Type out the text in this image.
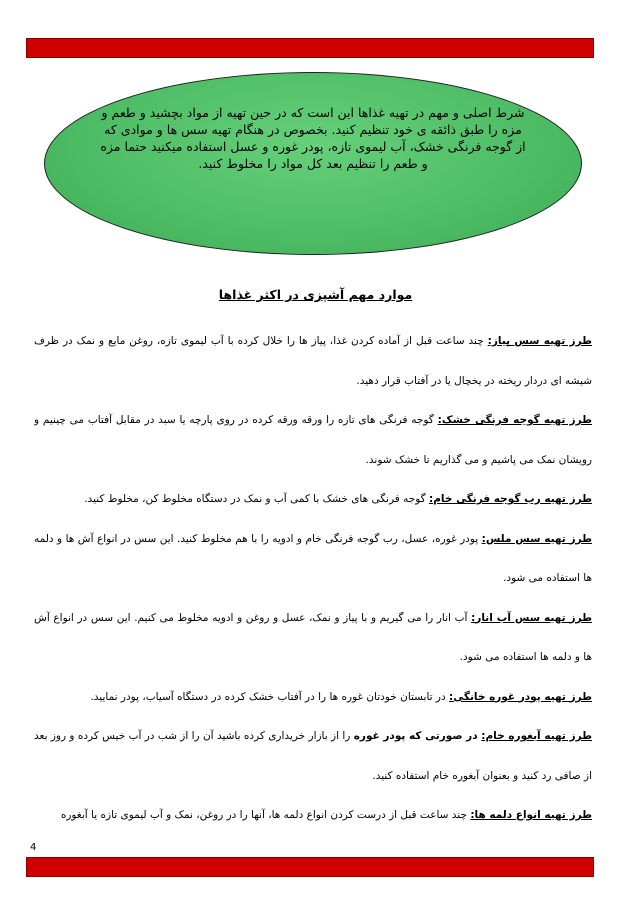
شرط اصلی و مهم در تهیه غذاها این است که در حین تهیه از مواد بچشید و طعم و مزه را طبق ذائقه ی خود تنظیم کنید. بخصوص در هنگام تهیه سس ها و موادی که از گوجه فرنگی خشک، آب لیموی تازه، پودر غوره و عسل استفاده میکنید حتما مزه و طعم را تنظیم بعد کل مواد را مخلوط کنید.
موارد مهم آشپزی در اکثر غذاها

طرز تهیه سس پیاز: چند ساعت قبل از آماده کردن غذا، پیاز ها را خلال کرده با آب لیموی تازه، روغن مایع و نمک در ظرف شیشه ای دردار ریخته در یخچال یا در آفتاب قرار دهید.

طرز تهیه گوجه فرنگی خشک: گوجه فرنگی های تازه را ورقه ورقه کرده در روی پارچه یا سبد در مقابل آفتاب می چینیم و رویشان نمک می پاشیم و می گذاریم تا خشک شوند.

طرز تهیه رب گوجه فرنگی خام: گوجه فرنگی های خشک با کمی آب و نمک در دستگاه مخلوط کن، مخلوط کنید.

طرز تهیه سس ملس: پودر غوره، عسل، رب گوجه فرنگی خام و ادویه را با هم مخلوط کنید. این سس در انواع آش ها و دلمه ها استفاده می شود.

طرز تهیه سس آب انار: آب انار را می گیریم و با پیاز و نمک، عسل و روغن و ادویه مخلوط می کنیم. این سس در انواع آش ها و دلمه ها استفاده می شود.

طرز تهیه پودر غوره خانگی: در تابستان خودتان غوره ها را در آفتاب خشک کرده در دستگاه آسیاب، پودر نمایید.

طرز تهیه آبغوره خام: در صورتی که پودر غوره را از بازار خریداری کرده باشید آن را از شب در آب خیس کرده و روز بعد از صافی رد کنید و بعنوان آبغوره خام استفاده کنید.

طرز تهیه انواع دلمه ها: چند ساعت قبل از درست کردن انواع دلمه ها، آنها را در روغن، نمک و آب لیموی تازه یا آبغوره

4
